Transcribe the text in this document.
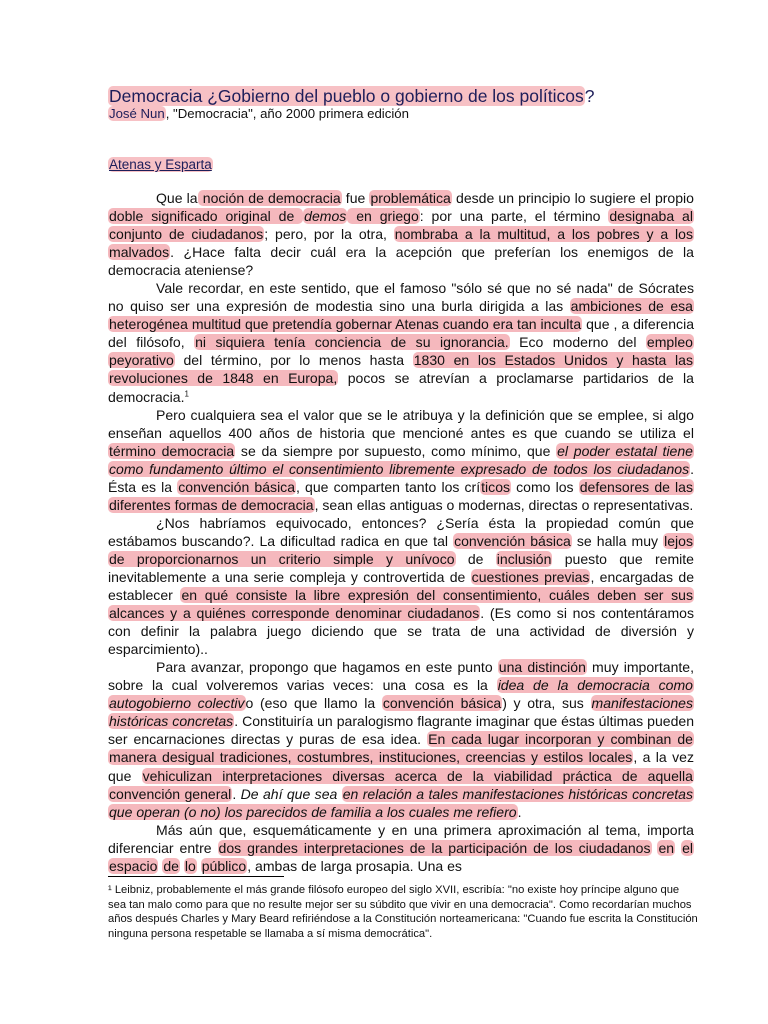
Democracia ¿Gobierno del pueblo o gobierno de los políticos?
José Nun, "Democracia", año 2000 primera edición
Atenas y Esparta

Que la noción de democracia fue problemática desde un principio lo sugiere el propio doble significado original de demos en griego: por una parte, el término designaba al conjunto de ciudadanos; pero, por la otra, nombraba a la multitud, a los pobres y a los malvados. ¿Hace falta decir cuál era la acepción que preferían los enemigos de la democracia ateniense?

Vale recordar, en este sentido, que el famoso "sólo sé que no sé nada" de Sócrates no quiso ser una expresión de modestia sino una burla dirigida a las ambiciones de esa heterogénea multitud que pretendía gobernar Atenas cuando era tan inculta que , a diferencia del filósofo, ni siquiera tenía conciencia de su ignorancia. Eco moderno del empleo peyorativo del término, por lo menos hasta 1830 en los Estados Unidos y hasta las revoluciones de 1848 en Europa, pocos se atrevían a proclamarse partidarios de la democracia.$^1$

Pero cualquiera sea el valor que se le atribuya y la definición que se emplee, si algo enseñan aquellos 400 años de historia que mencioné antes es que cuando se utiliza el término democracia se da siempre por supuesto, como mínimo, que el poder estatal tiene como fundamento último el consentimiento libremente expresado de todos los ciudadanos. Ésta es la convención básica, que comparten tanto los críticos como los defensores de las diferentes formas de democracia, sean ellas antiguas o modernas, directas o representativas.

¿Nos habríamos equivocado, entonces? ¿Sería ésta la propiedad común que estábamos buscando?. La dificultad radica en que tal convención básica se halla muy lejos de proporcionarnos un criterio simple y unívoco de inclusión puesto que remite inevitablemente a una serie compleja y controvertida de cuestiones previas, encargadas de establecer en qué consiste la libre expresión del consentimiento, cuáles deben ser sus alcances y a quiénes corresponde denominar ciudadanos. (Es como si nos contentáramos con definir la palabra juego diciendo que se trata de una actividad de diversión y esparcimiento)..

Para avanzar, propongo que hagamos en este punto una distinción muy importante, sobre la cual volveremos varias veces: una cosa es la idea de la democracia como autogobierno colectivo (eso que llamo la convención básica) y otra, sus manifestaciones históricas concretas. Constituiría un paralogismo flagrante imaginar que éstas últimas pueden ser encarnaciones directas y puras de esa idea. En cada lugar incorporan y combinan de manera desigual tradiciones, costumbres, instituciones, creencias y estilos locales, a la vez que vehiculizan interpretaciones diversas acerca de la viabilidad práctica de aquella convención general. De ahí que sea en relación a tales manifestaciones históricas concretas que operan (o no) los parecidos de familia a los cuales me refiero.

Más aún que, esquemáticamente y en una primera aproximación al tema, importa diferenciar entre dos grandes interpretaciones de la participación de los ciudadanos en el espacio de lo público, ambas de larga prosapia. Una es

¹ Leibniz, probablemente el más grande filósofo europeo del siglo XVII, escribía: "no existe hoy príncipe alguno que sea tan malo como para que no resulte mejor ser su súbdito que vivir en una democracia". Como recordarían muchos años después Charles y Mary Beard refiriéndose a la Constitución norteamericana: "Cuando fue escrita la Constitución ninguna persona respetable se llamaba a sí misma democrática".
